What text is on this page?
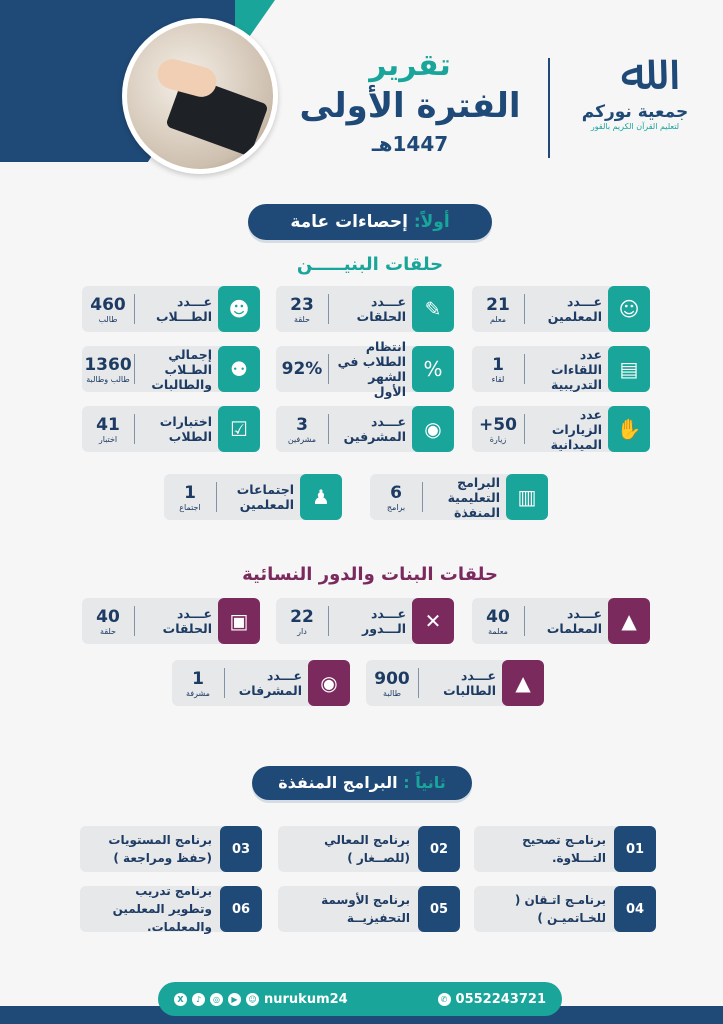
تقرير
الفترة الأولى
1447هـ
ﷲ
جمعية نوركم
لتعليم القرآن الكريم بالقور
أولاً: إحصاءات عامة
حلقات البنيـــــن
☺
عـــدد المعلمين
21
معلم
✎
عـــدد الحلقات
23
حلقة
☻
عـــدد الطـــلاب
460
طالب
▤
عدد اللقاءات التدريبية
1
لقاء
%
انتظام الطلاب في الشهر الأول
92%
⚉
إجمالي الطـلاب والطالبات
1360
طالب وطالبة
✋
عدد الزيارات الميدانية
+50
زيارة
◉
عـــدد المشرفين
3
مشرفين
☑
اختبارات الطلاب
41
اختبار
▥
البرامج التعليمية المنفذة
6
برامج
♟
اجتماعات المعلمين
1
اجتماع
حلقات البنات والدور النسائية
▲
عـــدد المعلمات
40
معلمة
✕
عـــدد الـــدور
22
دار
▣
عـــدد الحلقات
40
حلقة
▲
عـــدد الطالبات
900
طالبة
◉
عـــدد المشرفات
1
مشرفة
ثانياً : البرامج المنفذة
01
برنامـج تصحيح التـــلاوة.
02
برنامج المعالي (للصــغار )
03
برنامج المستويات (حفظ ومراجعة )
04
برنامـج اتـقان ( للخـاتميـن )
05
برنامج الأوسمة التحفيزيــة
06
برنامج تدريب وتطوير المعلمين والمعلمات.
X	♪	◎	▶	☺ nurukum24	✆ 0552243721
